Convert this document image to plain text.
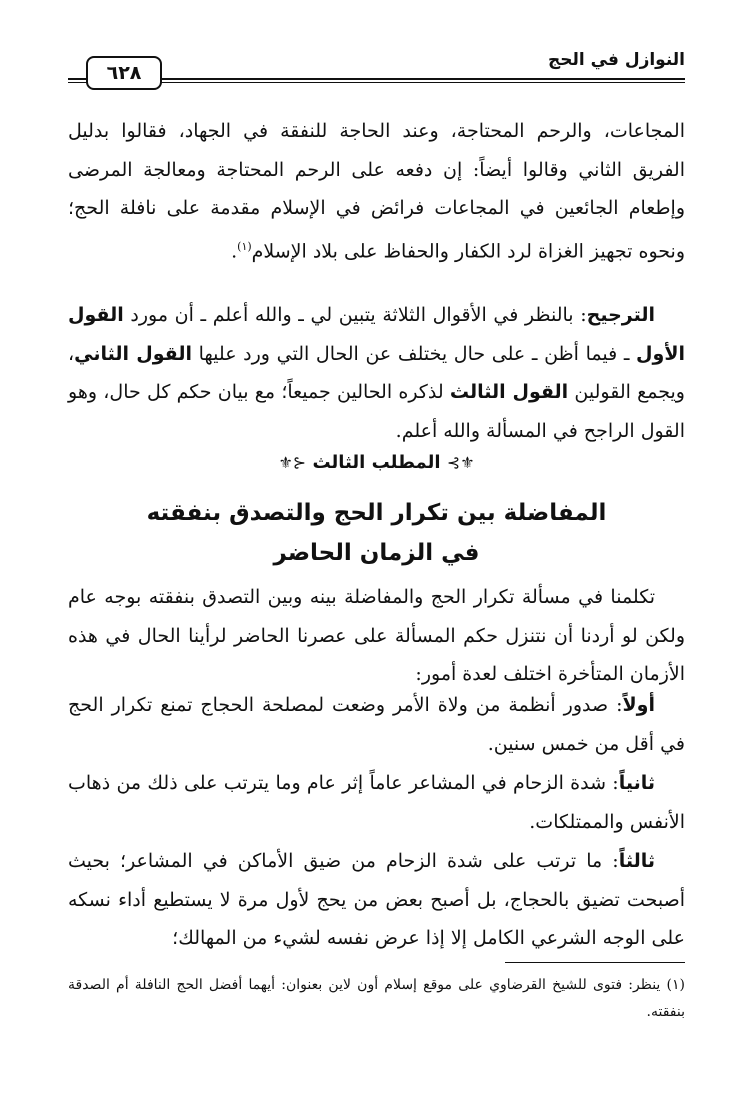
النوازل في الحج
٦٢٨

المجاعات، والرحم المحتاجة، وعند الحاجة للنفقة في الجهاد، فقالوا بدليل الفريق الثاني وقالوا أيضاً: إن دفعه على الرحم المحتاجة ومعالجة المرضى وإطعام الجائعين في المجاعات فرائض في الإسلام مقدمة على نافلة الحج؛ ونحوه تجهيز الغزاة لرد الكفار والحفاظ على بلاد الإسلام$^{(١)}$.

الترجيح: بالنظر في الأقوال الثلاثة يتبين لي ـ والله أعلم ـ أن مورد القول الأول ـ فيما أظن ـ على حال يختلف عن الحال التي ورد عليها القول الثاني، ويجمع القولين القول الثالث لذكره الحالين جميعاً؛ مع بيان حكم كل حال، وهو القول الراجح في المسألة والله أعلم.

⚜⊱ المطلب الثالث ⊰⚜
المفاضلة بين تكرار الحج والتصدق بنفقته
في الزمان الحاضر

تكلمنا في مسألة تكرار الحج والمفاضلة بينه وبين التصدق بنفقته بوجه عام ولكن لو أردنا أن نتنزل حكم المسألة على عصرنا الحاضر لرأينا الحال في هذه الأزمان المتأخرة اختلف لعدة أمور:

أولاً: صدور أنظمة من ولاة الأمر وضعت لمصلحة الحجاج تمنع تكرار الحج في أقل من خمس سنين.

ثانياً: شدة الزحام في المشاعر عاماً إثر عام وما يترتب على ذلك من ذهاب الأنفس والممتلكات.

ثالثاً: ما ترتب على شدة الزحام من ضيق الأماكن في المشاعر؛ بحيث أصبحت تضيق بالحجاج، بل أصبح بعض من يحج لأول مرة لا يستطيع أداء نسكه على الوجه الشرعي الكامل إلا إذا عرض نفسه لشيء من المهالك؛

(١) ينظر: فتوى للشيخ القرضاوي على موقع إسلام أون لاين بعنوان: أيهما أفضل الحج النافلة أم الصدقة بنفقته.
